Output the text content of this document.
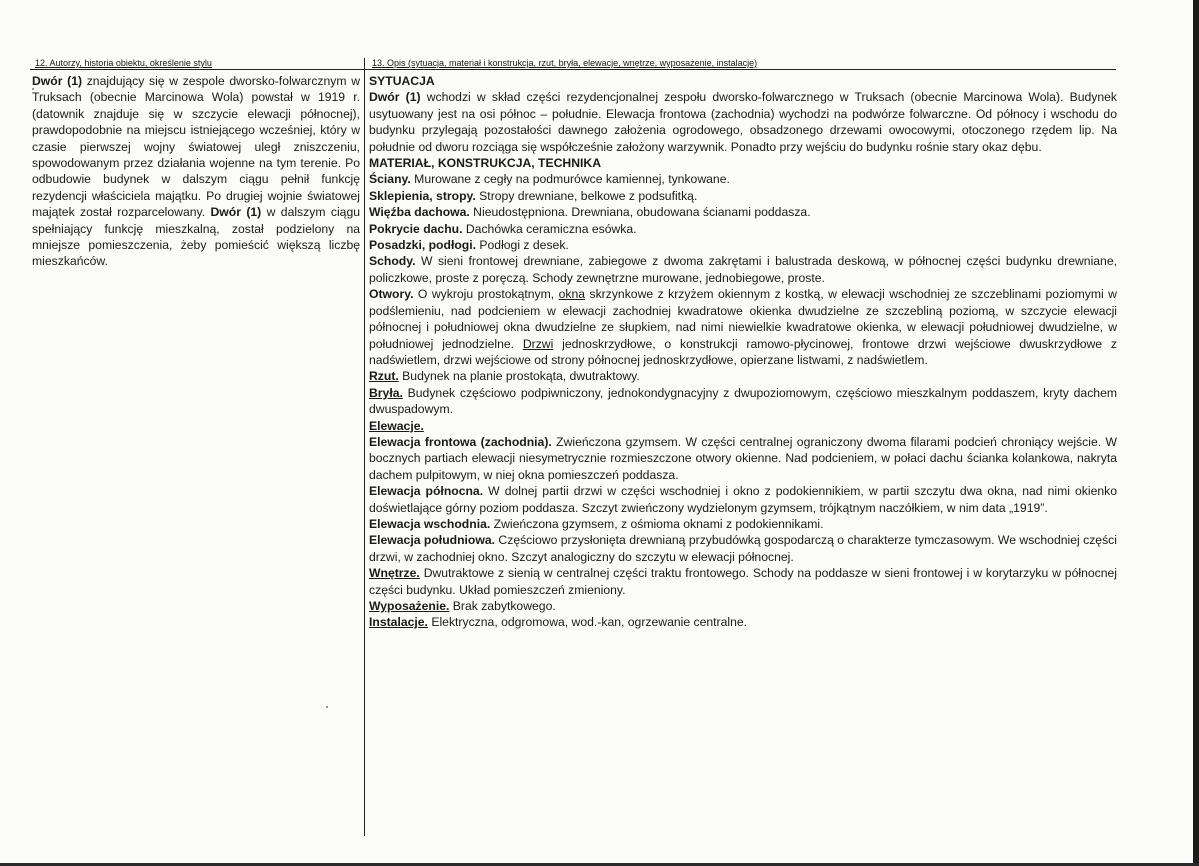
12. Autorzy, historia obiektu, określenie stylu
Dwór (1) znajdujący się w zespole dworsko-folwarcznym w Truksach (obecnie Marcinowa Wola) powstał w 1919 r. (datownik znajduje się w szczycie elewacji północnej), prawdopodobnie na miejscu istniejącego wcześniej, który w czasie pierwszej wojny światowej uległ zniszczeniu, spowodowanym przez działania wojenne na tym terenie. Po odbudowie budynek w dalszym ciągu pełnił funkcję rezydencji właściciela majątku. Po drugiej wojnie światowej majątek został rozparcelowany. Dwór (1) w dalszym ciągu spełniający funkcję mieszkalną, został podzielony na mniejsze pomieszczenia, żeby pomieścić większą liczbę mieszkańców.
13. Opis (sytuacja, materiał i konstrukcja, rzut, bryła, elewacje, wnętrze, wyposażenie, instalacje)

SYTUACJA

Dwór (1) wchodzi w skład części rezydencjonalnej zespołu dworsko-folwarcznego w Truksach (obecnie Marcinowa Wola). Budynek usytuowany jest na osi północ – południe. Elewacja frontowa (zachodnia) wychodzi na podwórze folwarczne. Od północy i wschodu do budynku przylegają pozostałości dawnego założenia ogrodowego, obsadzonego drzewami owocowymi, otoczonego rzędem lip. Na południe od dworu rozciąga się współcześnie założony warzywnik. Ponadto przy wejściu do budynku rośnie stary okaz dębu.

MATERIAŁ, KONSTRUKCJA, TECHNIKA

Ściany. Murowane z cegły na podmurówce kamiennej, tynkowane.

Sklepienia, stropy. Stropy drewniane, belkowe z podsufitką.

Więźba dachowa. Nieudostępniona. Drewniana, obudowana ścianami poddasza.

Pokrycie dachu. Dachówka ceramiczna esówka.

Posadzki, podłogi. Podłogi z desek.

Schody. W sieni frontowej drewniane, zabiegowe z dwoma zakrętami i balustrada deskową, w północnej części budynku drewniane, policzkowe, proste z poręczą. Schody zewnętrzne murowane, jednobiegowe, proste.

Otwory. O wykroju prostokątnym, okna skrzynkowe z krzyżem okiennym z kostką, w elewacji wschodniej ze szczeblinami poziomymi w podślemieniu, nad podcieniem w elewacji zachodniej kwadratowe okienka dwudzielne ze szczebliną poziomą, w szczycie elewacji północnej i południowej okna dwudzielne ze słupkiem, nad nimi niewielkie kwadratowe okienka, w elewacji południowej dwudzielne, w południowej jednodzielne. Drzwi jednoskrzydłowe, o konstrukcji ramowo-płycinowej, frontowe drzwi wejściowe dwuskrzydłowe z nadświetlem, drzwi wejściowe od strony północnej jednoskrzydłowe, opierzane listwami, z nadświetlem.

Rzut. Budynek na planie prostokąta, dwutraktowy.

Bryła. Budynek częściowo podpiwniczony, jednokondygnacyjny z dwupoziomowym, częściowo mieszkalnym poddaszem, kryty dachem dwuspadowym.

Elewacje.

Elewacja frontowa (zachodnia). Zwieńczona gzymsem. W części centralnej ograniczony dwoma filarami podcień chroniący wejście. W bocznych partiach elewacji niesymetrycznie rozmieszczone otwory okienne. Nad podcieniem, w połaci dachu ścianka kolankowa, nakryta dachem pulpitowym, w niej okna pomieszczeń poddasza.

Elewacja północna. W dolnej partii drzwi w części wschodniej i okno z podokiennikiem, w partii szczytu dwa okna, nad nimi okienko doświetlające górny poziom poddasza. Szczyt zwieńczony wydzielonym gzymsem, trójkątnym naczółkiem, w nim data „1919”.

Elewacja wschodnia. Zwieńczona gzymsem, z ośmioma oknami z podokiennikami.

Elewacja południowa. Częściowo przysłonięta drewnianą przybudówką gospodarczą o charakterze tymczasowym. We wschodniej części drzwi, w zachodniej okno. Szczyt analogiczny do szczytu w elewacji północnej.

Wnętrze. Dwutraktowe z sienią w centralnej części traktu frontowego. Schody na poddasze w sieni frontowej i w korytarzyku w północnej części budynku. Układ pomieszczeń zmieniony.

Wyposażenie. Brak zabytkowego.

Instalacje. Elektryczna, odgromowa, wod.-kan, ogrzewanie centralne.
